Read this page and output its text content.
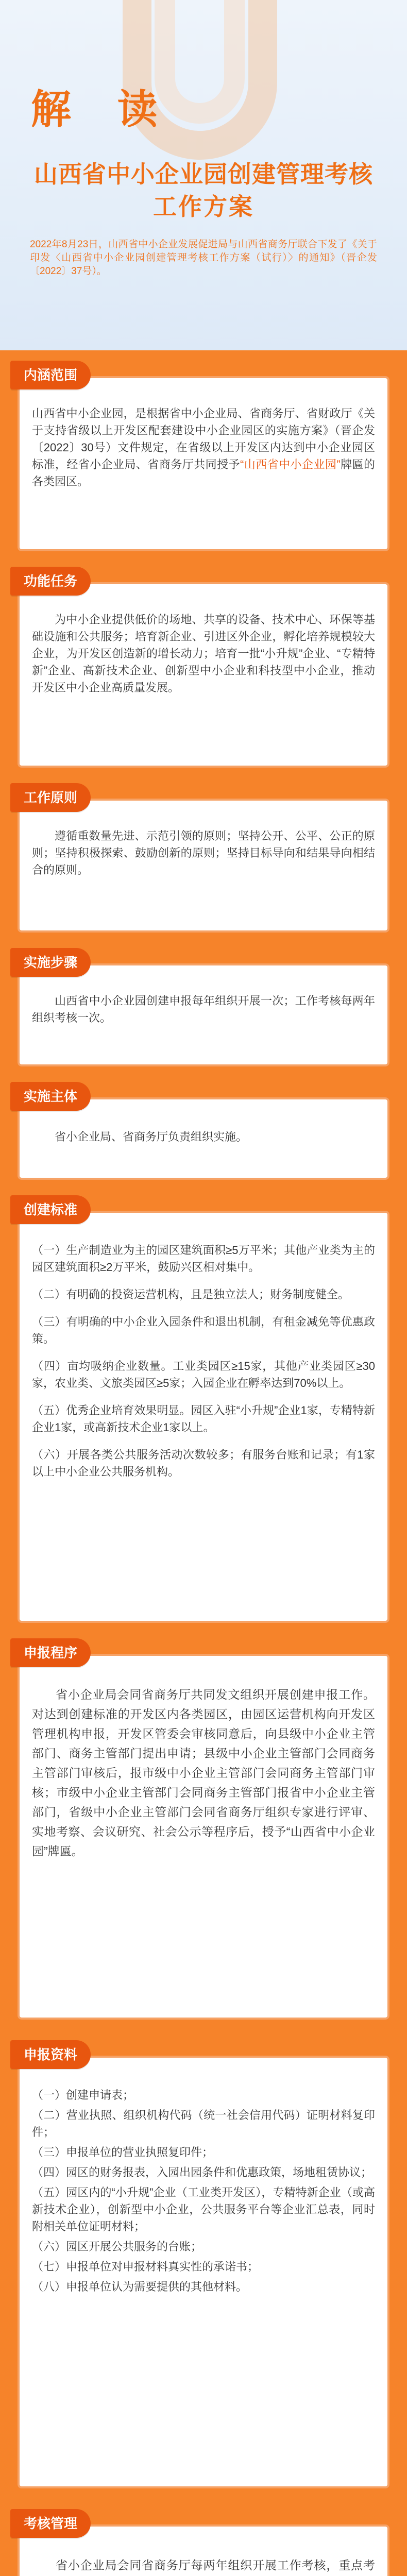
解 读
山西省中小企业园创建管理考核
工作方案
2022年8月23日，山西省中小企业发展促进局与山西省商务厅联合下发了《关于印发〈山西省中小企业园创建管理考核工作方案（试行）〉的通知》（晋企发〔2022〕37号）。

山西省中小企业园，是根据省中小企业局、省商务厅、省财政厅《关于支持省级以上开发区配套建设中小企业园区的实施方案》（晋企发〔2022〕30号）文件规定，在省级以上开发区内达到中小企业园区标准，经省小企业局、省商务厅共同授予“山西省中小企业园”牌匾的各类园区。

内涵范围

为中小企业提供低价的场地、共享的设备、技术中心、环保等基础设施和公共服务；培育新企业、引进区外企业，孵化培养规模较大企业，为开发区创造新的增长动力；培育一批“小升规”企业、“专精特新”企业、高新技术企业、创新型中小企业和科技型中小企业，推动开发区中小企业高质量发展。

功能任务

遵循重数量先进、示范引领的原则；坚持公开、公平、公正的原则；坚持积极探索、鼓励创新的原则；坚持目标导向和结果导向相结合的原则。

工作原则

山西省中小企业园创建申报每年组织开展一次；工作考核每两年组织考核一次。

实施步骤

省小企业局、省商务厅负责组织实施。

实施主体

（一）生产制造业为主的园区建筑面积≥5万平米；其他产业类为主的园区建筑面积≥2万平米，鼓励兴区相对集中。

（二）有明确的投资运营机构，且是独立法人；财务制度健全。

（三）有明确的中小企业入园条件和退出机制，有租金减免等优惠政策。

（四）亩均吸纳企业数量。工业类园区≥15家，其他产业类园区≥30家，农业类、文旅类园区≥5家；入园企业在孵率达到70%以上。

（五）优秀企业培育效果明显。园区入驻“小升规”企业1家，专精特新企业1家，或高新技术企业1家以上。

（六）开展各类公共服务活动次数较多；有服务台账和记录；有1家以上中小企业公共服务机构。

创建标准

省小企业局会同省商务厅共同发文组织开展创建申报工作。对达到创建标准的开发区内各类园区，由园区运营机构向开发区管理机构申报，开发区管委会审核同意后，向县级中小企业主管部门、商务主管部门提出申请；县级中小企业主管部门会同商务主管部门审核后，报市级中小企业主管部门会同商务主管部门审核；市级中小企业主管部门会同商务主管部门报省中小企业主管部门，省级中小企业主管部门会同省商务厅组织专家进行评审、实地考察、会议研究、社会公示等程序后，授予“山西省中小企业园”牌匾。

申报程序

（一）创建申请表；

（二）营业执照、组织机构代码（统一社会信用代码）证明材料复印件；

（三）申报单位的营业执照复印件；

（四）园区的财务报表，入园出园条件和优惠政策，场地租赁协议；

（五）园区内的“小升规”企业（工业类开发区），专精特新企业（或高新技术企业），创新型中小企业，公共服务平台等企业汇总表，同时附相关单位证明材料；

（六）园区开展公共服务的台账；

（七）申报单位对申报材料真实性的承诺书；

（八）申报单位认为需要提供的其他材料。

申报资料

省小企业局会同省商务厅每两年组织开展工作考核，重点考

考核管理
